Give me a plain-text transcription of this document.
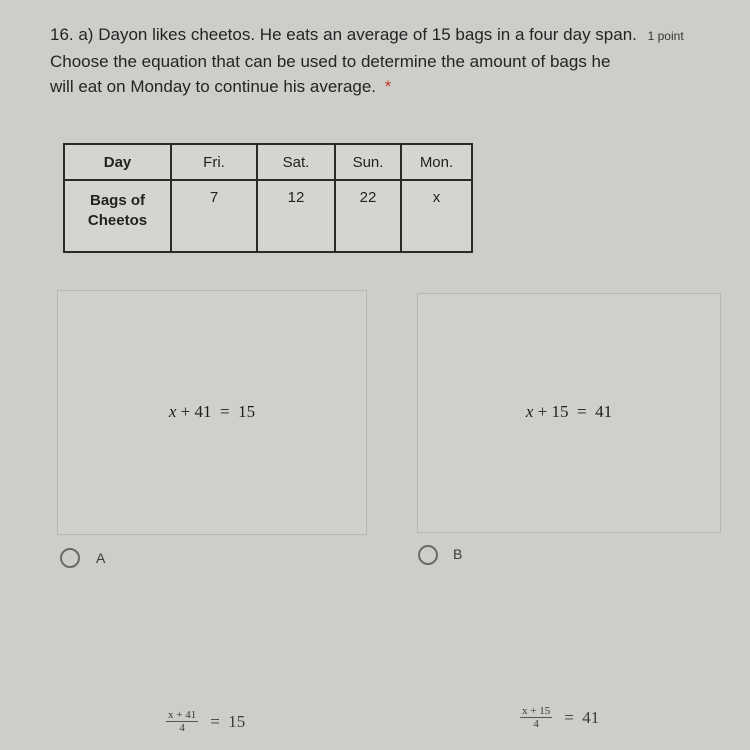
16. a) Dayon likes cheetos. He eats an average of 15 bags in a four day span. 1 point
Choose the equation that can be used to determine the amount of bags he
will eat on Monday to continue his average. *
Day	Fri.	Sat.	Sun.	Mon.
Bags of
Cheetos	7	12	22	x
x + 41  =  15
A
x + 15  =  41
B
$\frac{x + 41}{4} = 15$	$\frac{x + 15}{4} = 41$
